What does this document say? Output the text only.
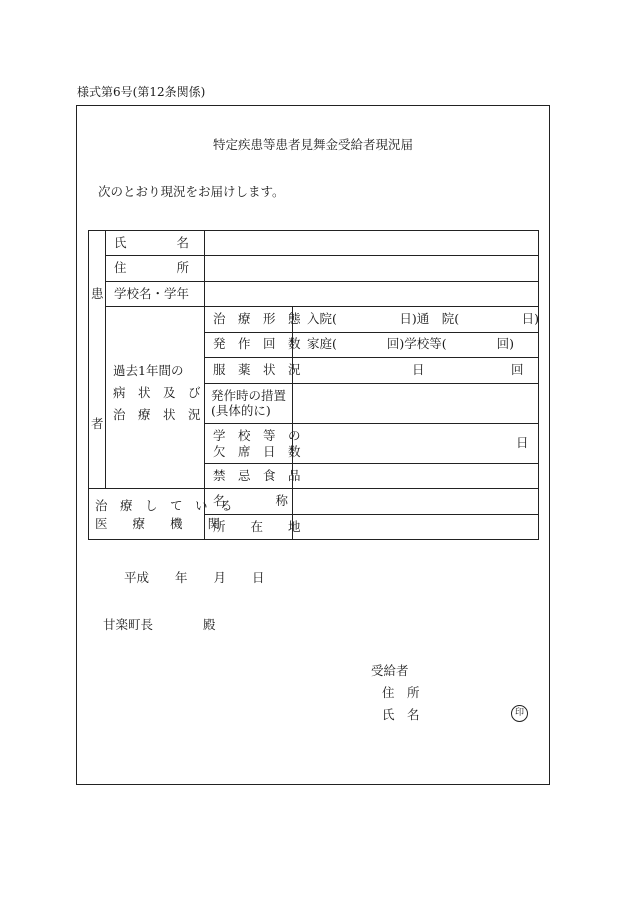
様式第6号(第12条関係)
特定疾患等患者見舞金受給者現況届
次のとおり現況をお届けします。
患
者
氏　　　　名
住　　　　所
学校名・学年
過去1年間の
病　状　及　び
治　療　状　況
治　療　形　態 入院(　　　　　日)通　院(　　　　　日)
発　作　回　数 家庭(　　　　回)学校等(　　　　回)
服　薬　状　況	日	回
発作時の措置
(具体的に)
学　校　等　の
欠　席　日　数
日
禁　忌　食　品
治　療　し　て　い　る
医　　療　　機　　関
名　　　　称
所　　在　　地
平成 年 月 日
甘楽町長　　　　殿
受給者
住　所
氏　名	印
